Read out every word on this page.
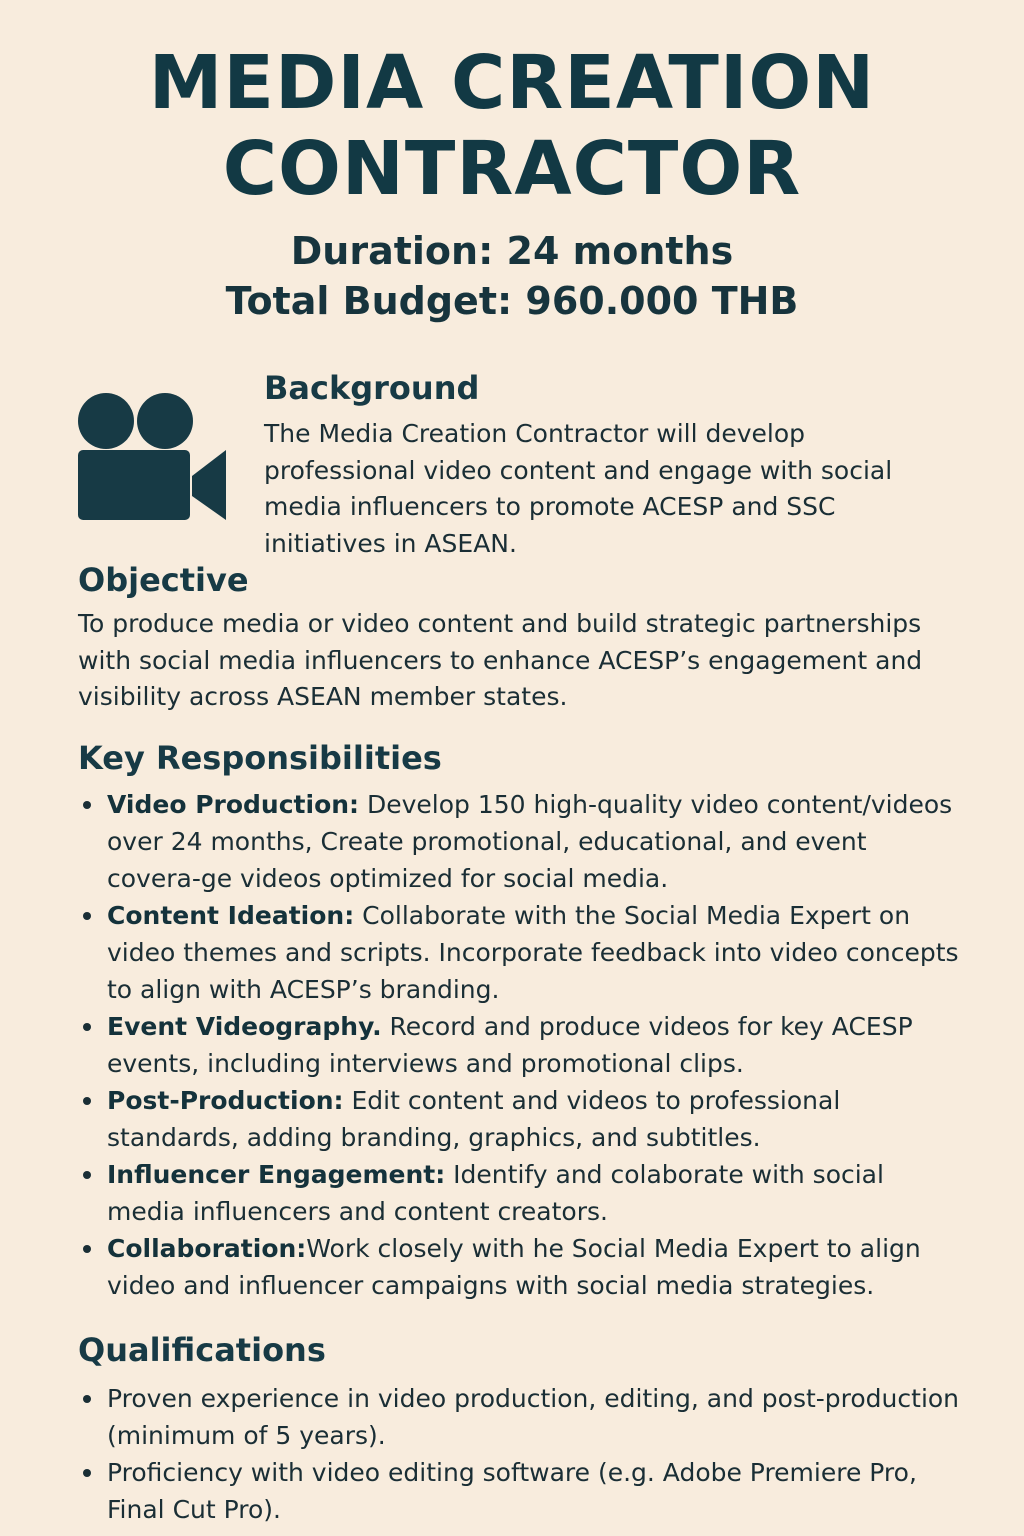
MEDIA CREATION
CONTRACTOR
Duration: 24 months
Total Budget: 960.000 THB
Background

The Media Creation Contractor will develop professional video content and engage with social media influencers to promote ACESP and SSC initiatives in ASEAN.

Objective

To produce media or video content and build strategic partnerships with social media influencers to enhance ACESP’s engagement and visibility across ASEAN member states.

Key Responsibilities
Video Production: Develop 150 high-quality video content/videos over 24 months, Create promotional, educational, and event covera-ge videos optimized for social media.
Content Ideation: Collaborate with the Social Media Expert on video themes and scripts. Incorporate feedback into video concepts to align with ACESP’s branding.
Event Videography. Record and produce videos for key ACESP events, including interviews and promotional clips.
Post-Production: Edit content and videos to professional standards, adding branding, graphics, and subtitles.
Influencer Engagement: Identify and colaborate with social media influencers and content creators.
Collaboration:Work closely with he Social Media Expert to align video and influencer campaigns with social media strategies.
Qualifications
Proven experience in video production, editing, and post-production (minimum of 5 years).
Proficiency with video editing software (e.g. Adobe Premiere Pro, Final Cut Pro).
